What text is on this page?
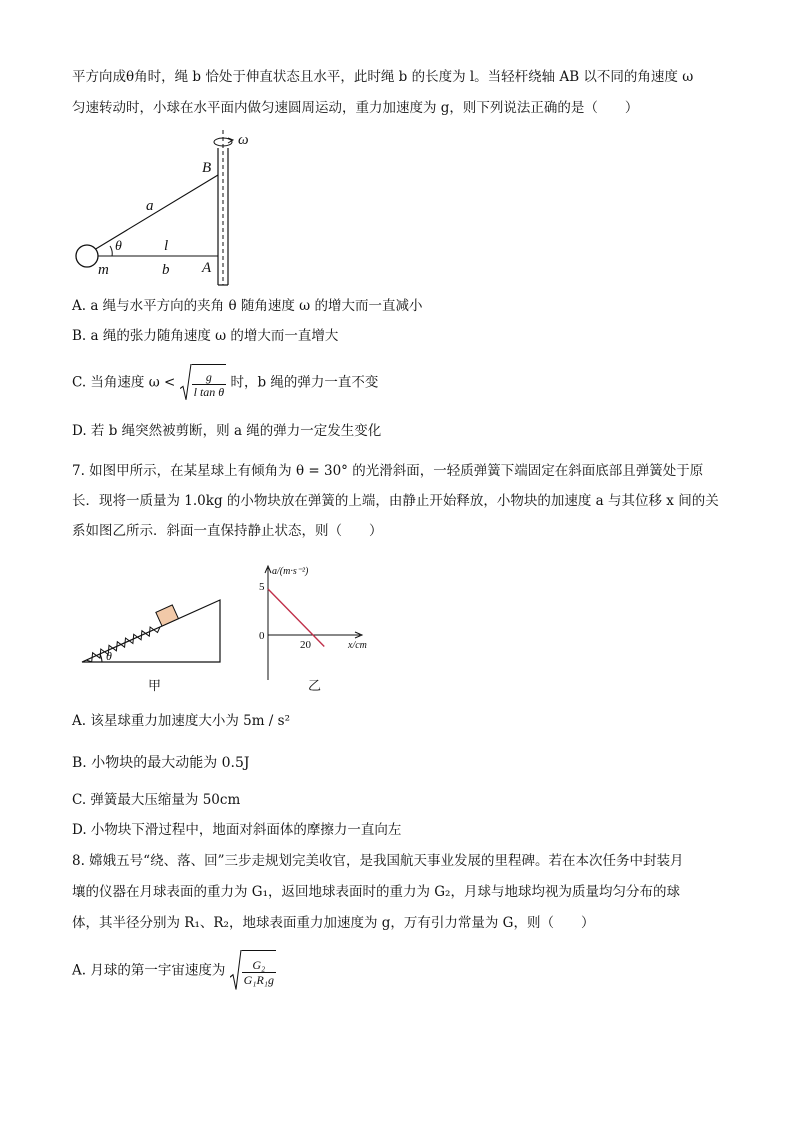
平方向成θ角时，绳 b 恰处于伸直状态且水平，此时绳 b 的长度为 l。当轻杆绕轴 AB 以不同的角速度 ω
匀速转动时，小球在水平面内做匀速圆周运动，重力加速度为 g，则下列说法正确的是（　　）
ω
B
A
a
θ	l
m	b
A. a 绳与水平方向的夹角 θ 随角速度 ω 的增大而一直减小
B. a 绳的张力随角速度 ω 的增大而一直增大
C. 当角速度 $\omega < \frac{g}{\text{l tan θ}}$ 时，b 绳的弹力一直不变
D. 若 b 绳突然被剪断，则 a 绳的弹力一定发生变化
7. 如图甲所示，在某星球上有倾角为 θ = 30° 的光滑斜面，一轻质弹簧下端固定在斜面底部且弹簧处于原
长．现将一质量为 1.0kg 的小物块放在弹簧的上端，由静止开始释放，小物块的加速度 a 与其位移 x 间的关
系如图乙所示．斜面一直保持静止状态，则（　　）
θ
甲
a/(m·s⁻²)
x/cm
5
0
20
乙
A. 该星球重力加速度大小为 5m / s²
B. 小物块的最大动能为 0.5J
C. 弹簧最大压缩量为 50cm
D. 小物块下滑过程中，地面对斜面体的摩擦力一直向左
8. 嫦娥五号“绕、落、回”三步走规划完美收官，是我国航天事业发展的里程碑。若在本次任务中封装月
壤的仪器在月球表面的重力为 G₁，返回地球表面时的重力为 G₂，月球与地球均视为质量均匀分布的球
体，其半径分别为 R₁、R₂，地球表面重力加速度为 g，万有引力常量为 G，则（　　）
A. 月球的第一宇宙速度为 $\frac{\text{G₂}}{\text{G₁R₁g}}$
